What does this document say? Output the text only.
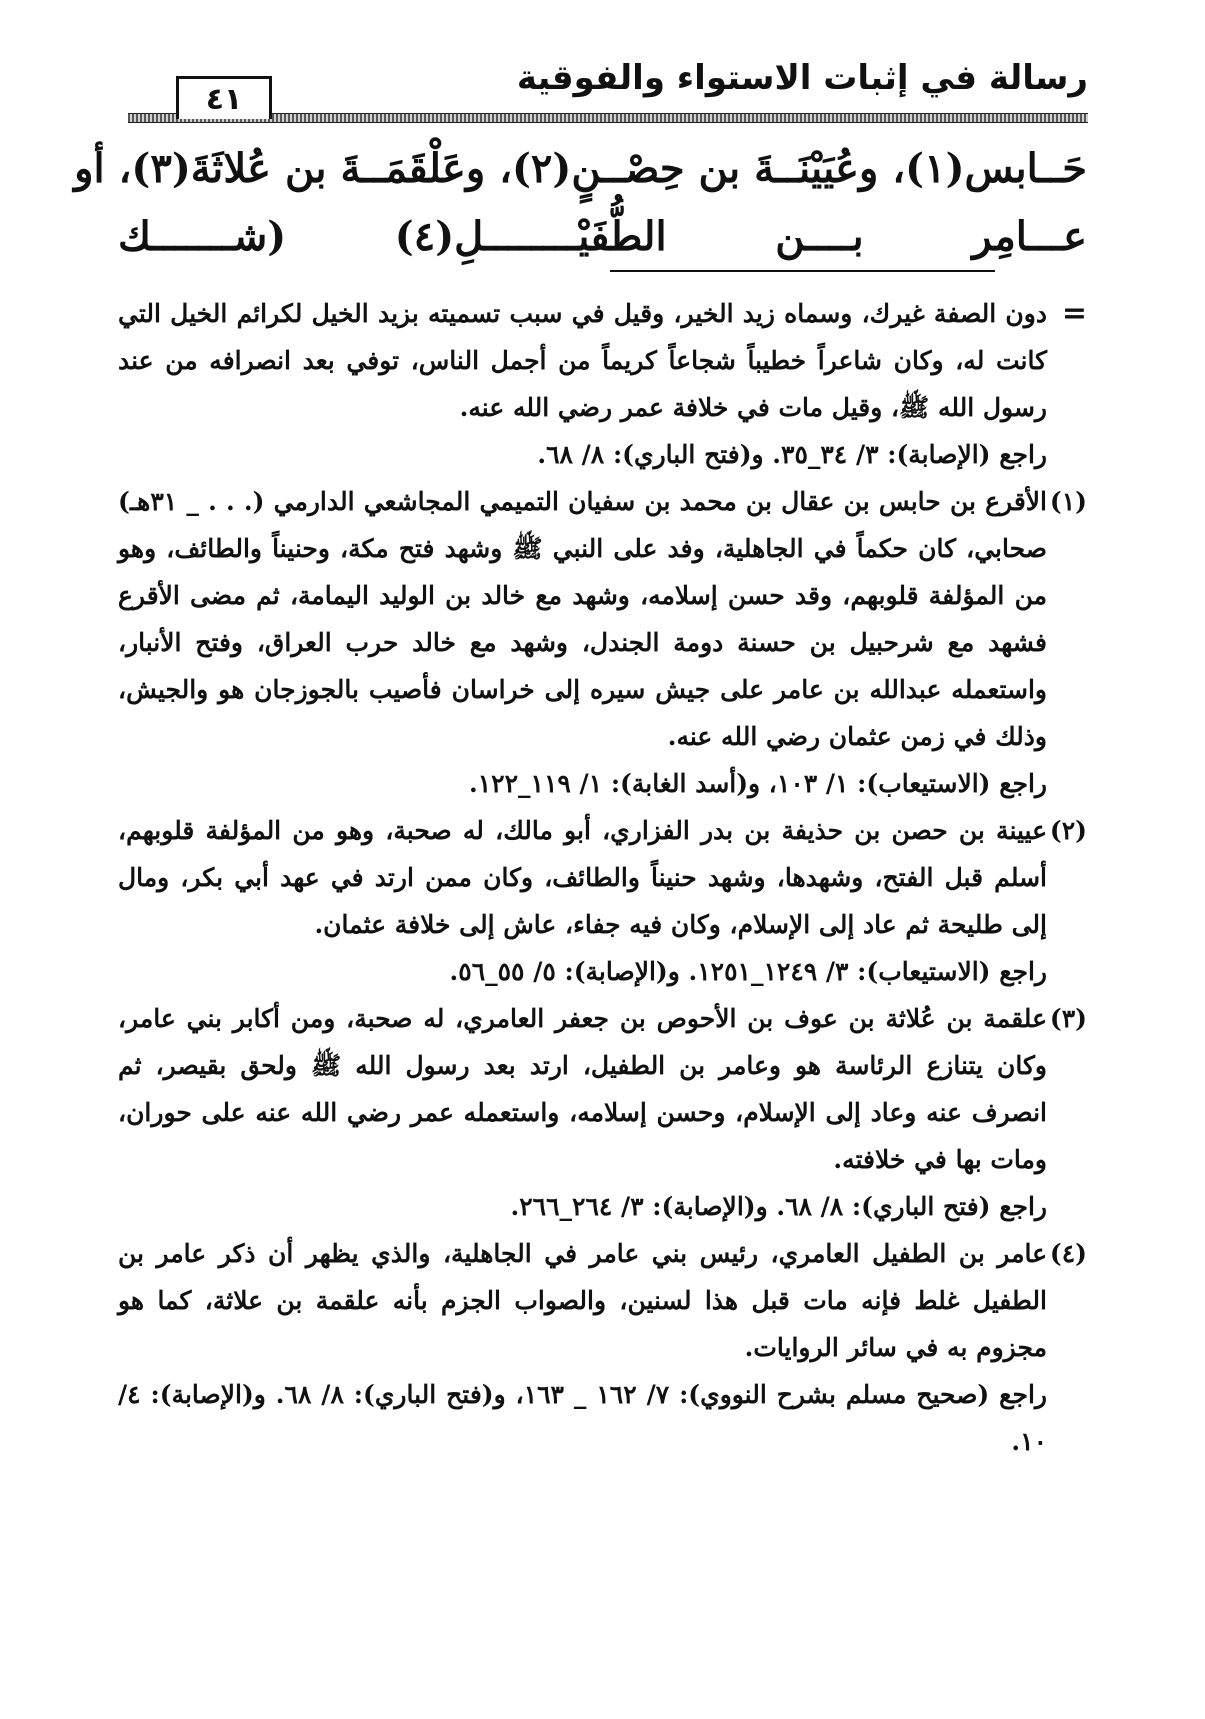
رسالة في إثبات الاستواء والفوقية
٤١
حَــابس(١)، وعُيَيْنَــةَ بن حِصْــنٍ(٢)، وعَلْقَمَــةَ بن عُلاثَةَ(٣)، أو
عـــامِر بــــن الطُّفَيْــــــــلِ(٤) (شـــــــك
=

دون الصفة غيرك، وسماه زيد الخير، وقيل في سبب تسميته بزيد الخيل لكرائم الخيل التي كانت له، وكان شاعراً خطيباً شجاعاً كريماً من أجمل الناس، توفي بعد انصرافه من عند رسول الله ﷺ، وقيل مات في خلافة عمر رضي الله عنه.

راجع (الإصابة): ٣/ ٣٤_٣٥. و(فتح الباري): ٨/ ٦٨.

(١)

الأقرع بن حابس بن عقال بن محمد بن سفيان التميمي المجاشعي الدارمي (. . . _ ٣١هـ) صحابي، كان حكماً في الجاهلية، وفد على النبي ﷺ وشهد فتح مكة، وحنيناً والطائف، وهو من المؤلفة قلوبهم، وقد حسن إسلامه، وشهد مع خالد بن الوليد اليمامة، ثم مضى الأقرع فشهد مع شرحبيل بن حسنة دومة الجندل، وشهد مع خالد حرب العراق، وفتح الأنبار، واستعمله عبدالله بن عامر على جيش سيره إلى خراسان فأصيب بالجوزجان هو والجيش، وذلك في زمن عثمان رضي الله عنه.

راجع (الاستيعاب): ١/ ١٠٣، و(أسد الغابة): ١/ ١١٩_١٢٢.

(٢)

عيينة بن حصن بن حذيفة بن بدر الفزاري، أبو مالك، له صحبة، وهو من المؤلفة قلوبهم، أسلم قبل الفتح، وشهدها، وشهد حنيناً والطائف، وكان ممن ارتد في عهد أبي بكر، ومال إلى طليحة ثم عاد إلى الإسلام، وكان فيه جفاء، عاش إلى خلافة عثمان.

راجع (الاستيعاب): ٣/ ١٢٤٩_١٢٥١. و(الإصابة): ٥/ ٥٥_٥٦.

(٣)

علقمة بن عُلاثة بن عوف بن الأحوص بن جعفر العامري، له صحبة، ومن أكابر بني عامر، وكان يتنازع الرئاسة هو وعامر بن الطفيل، ارتد بعد رسول الله ﷺ ولحق بقيصر، ثم انصرف عنه وعاد إلى الإسلام، وحسن إسلامه، واستعمله عمر رضي الله عنه على حوران، ومات بها في خلافته.

راجع (فتح الباري): ٨/ ٦٨. و(الإصابة): ٣/ ٢٦٤_٢٦٦.

(٤)

عامر بن الطفيل العامري، رئيس بني عامر في الجاهلية، والذي يظهر أن ذكر عامر بن الطفيل غلط فإنه مات قبل هذا لسنين، والصواب الجزم بأنه علقمة بن علاثة، كما هو مجزوم به في سائر الروايات.

راجع (صحيح مسلم بشرح النووي): ٧/ ١٦٢ _ ١٦٣، و(فتح الباري): ٨/ ٦٨. و(الإصابة): ٤/ ١٠.
